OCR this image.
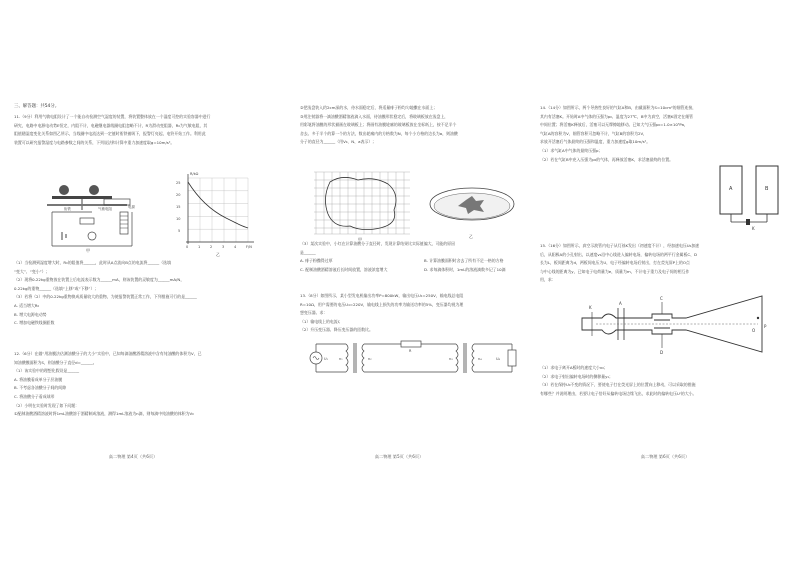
三、解答题：共54分。
11.（9分）利用气敏电阻设计了一个能自动检测空气湿度的装置，将装置整体放在一个湿度可控的实验容器中进行
研究，电路中电源电动势E恒定，内阻不计，电磁继电器线圈电阻忽略不计，R为滑动变阻器，R₀为气敏电阻，其
阻值随湿度变化关系如图乙所示，当线圈中电流达到一定值时衔铁被吸下，报警灯亮起，电铃开始工作。利用此
装置可以研究报警湿度与电路参数之间的关系，下列说法和计算中重力加速度取g=10m/s²。
甲
电源
衔铁	气敏电阻
25
20
15
10
5
R/kΩ
0	1	2	3	4	F/N
乙
（1）当检测到湿度增大时，R₀的阻值将______，此时从A点流向B点的电流将______（选填
“变大”、“变小”）；
（2）现将0.22kg重物放在装置上后电流表示数为______mA，则该装置的灵敏度为______mA/N，
0.22kg的重物______（选填“上移”或“下移”）；
（3）若将（2）中的0.22kg重物换成质量较大的重物，为使报警装置正常工作，下列措施可行的是______
A. 适当增大R₀
B. 增大电源电动势
C. 增加电磁铁线圈匝数
12.（6分）在做“用油膜法估测油酸分子的大小”实验中，已知每滴油酸酒精溶液中含有纯油酸的体积为V，已
知油酸膜面积为S，则油酸分子直径d=______。
（1）该实验中的理想化假设是______
A. 将油膜看成单分子层油膜
B. 不考虑各油酸分子间的间隙
C. 将油酸分子看成球形
（2）小明在实验时发现了如下问题：
①配制油酸酒精溶液时将1mL油酸溶于酒精制成溶液，测得1mL溶液为n滴，则每滴中纯油酸的体积为V₀
高二物理 第4页（共6页）
②把浅盘装入约2cm深的水，待水面稳定后，将适量痱子粉均匀地撒在水面上；
③用注射器将一滴油酸酒精溶液滴入水面，待油膜形状稳定后，将玻璃板放在浅盘上，
用彩笔将油膜的形状描画在玻璃板上；将画有油膜轮廓的玻璃板放在坐标纸上，按不足半个
舍去、多于半个的算一个的方法，数出轮廓内的方格数为N，每个小方格的边长为a，则油酸
分子的直径为______（用V₀、N、a表示）；
甲
乙
（3）某次实验中，小红在计算油酸分子直径时，发现计算结果比实际值偏大，可能的原因
是______
A. 痱子粉撒得过厚	B. 计算油膜面积时舍去了所有不足一格的方格
C. 配制油酸酒精溶液后长时间放置，溶液浓度增大	D. 求每滴体积时，1mL的溶液滴数多记了10滴
13.（8分）如图所示，某小型发电机输出功率P=800kW，输出电压U₁=250V，输电线总电阻
R=10Ω，用户需要的电压U₄=220V，输电线上损失的功率为输送功率的5%，变压器均视为理
想变压器。求：
（1）输电线上的电流I；
（2）升压变压器、降压变压器的匝数比。
U₁	n₁	n₂
R
n₃	n₄	U₄
高二物理 第5页（共6页）
14.（14分）如图所示，两个导热性良好的气缸A和B，由截面积为S=10cm²的细管连接，
其内有活塞K。开始时A中气体的压强为p₀、温度为27℃，B中为真空，活塞K固定在细管
中间位置；将活塞K释放后，活塞可以无摩擦地移动。已知大气压强p₀=1.0×10⁵Pa，
气缸A的容积为V，细管容积可忽略不计，气缸B的容积为2V，
求放开活塞后气体最终的压强和温度，重力加速度g取10m/s²。
（1）求气缸A中气体的最终压强p；
（2）若在气缸B中充入压强为p₀的气体，再释放活塞K，求活塞最终的位置。
A	B
K
15.（16分）如图所示，真空示波管内电子从灯丝K发出（初速度不计），经加速电压U₀加速
后，从阳极A的小孔射出，以速度v₀沿中心线进入偏转电场，偏转电场的两平行金属板C、D
长为L，板间距离为d，两板间电压为U，电子经偏转电场后射出，打在荧光屏P上的O点
与中心线的距离为y，已知电子电荷量为e，质量为m，不计电子重力及电子间的相互作
用，求：
K
A
C
D
P
O
（1）求电子离开A板时的速度大小v₀；
（2）求电子射出偏转电场时的侧移量y₁；
（3）若在保持U₀不变的情况下，要使电子打在荧光屏上的位置向上移动，可以采取的措施
有哪些？并说明理由，若要让电子恰好从偏转电场边缘飞出，求此时的偏转电压U'的大小。
高二物理 第6页（共6页）
